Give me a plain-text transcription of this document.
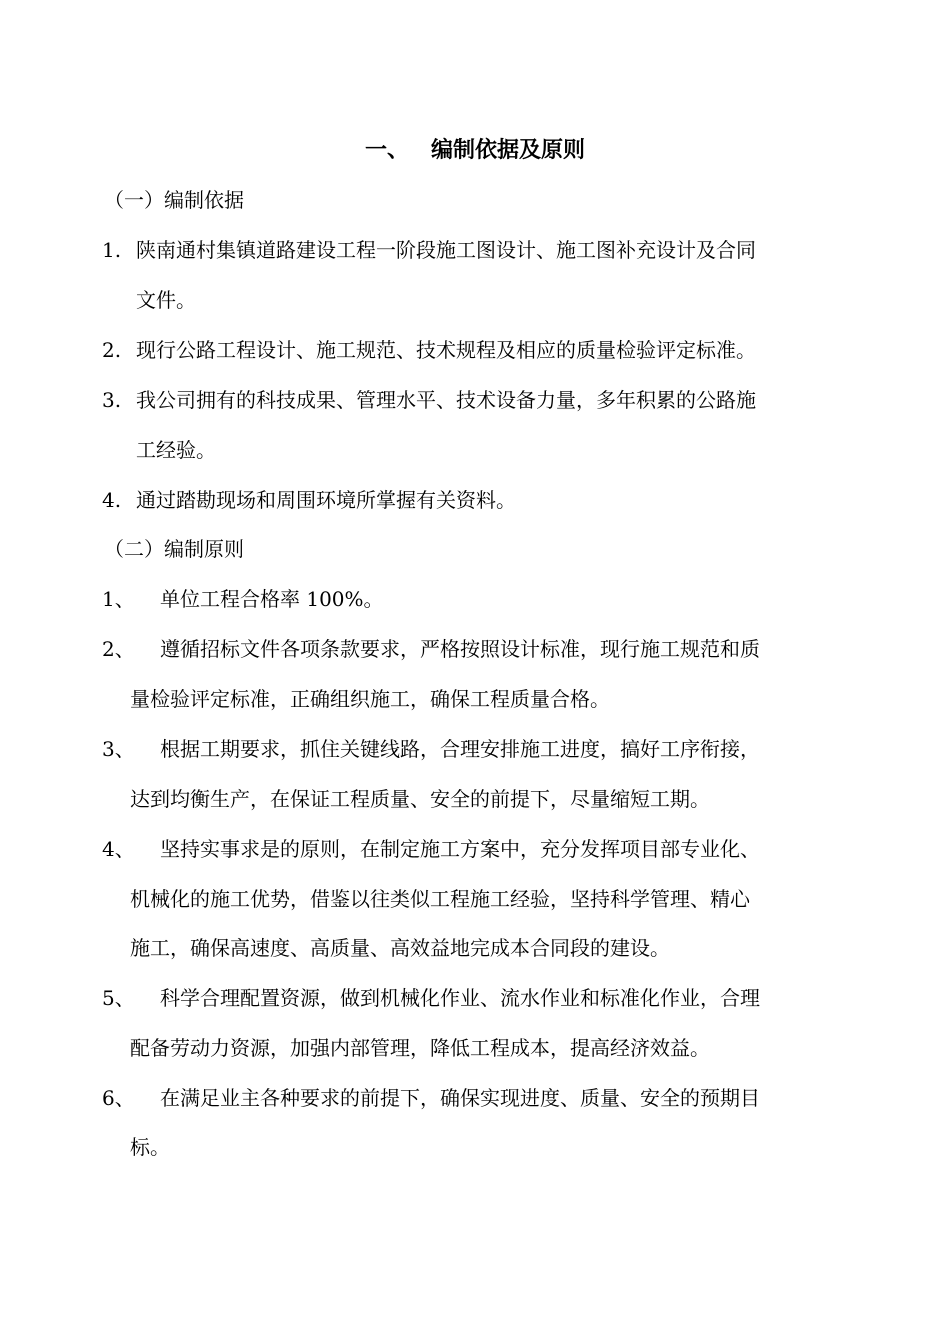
一、 编制依据及原则
（一）编制依据
1. 陕南通村集镇道路建设工程一阶段施工图设计、施工图补充设计及合同
文件。
2. 现行公路工程设计、施工规范、技术规程及相应的质量检验评定标准。
3. 我公司拥有的科技成果、管理水平、技术设备力量，多年积累的公路施
工经验。
4. 通过踏勘现场和周围环境所掌握有关资料。
（二）编制原则
1、 单位工程合格率 100%。
2、 遵循招标文件各项条款要求，严格按照设计标准，现行施工规范和质
量检验评定标准，正确组织施工，确保工程质量合格。
3、 根据工期要求，抓住关键线路，合理安排施工进度，搞好工序衔接，
达到均衡生产，在保证工程质量、安全的前提下，尽量缩短工期。
4、 坚持实事求是的原则，在制定施工方案中，充分发挥项目部专业化、
机械化的施工优势，借鉴以往类似工程施工经验，坚持科学管理、精心
施工，确保高速度、高质量、高效益地完成本合同段的建设。
5、 科学合理配置资源，做到机械化作业、流水作业和标准化作业，合理
配备劳动力资源，加强内部管理，降低工程成本，提高经济效益。
6、 在满足业主各种要求的前提下，确保实现进度、质量、安全的预期目
标。
